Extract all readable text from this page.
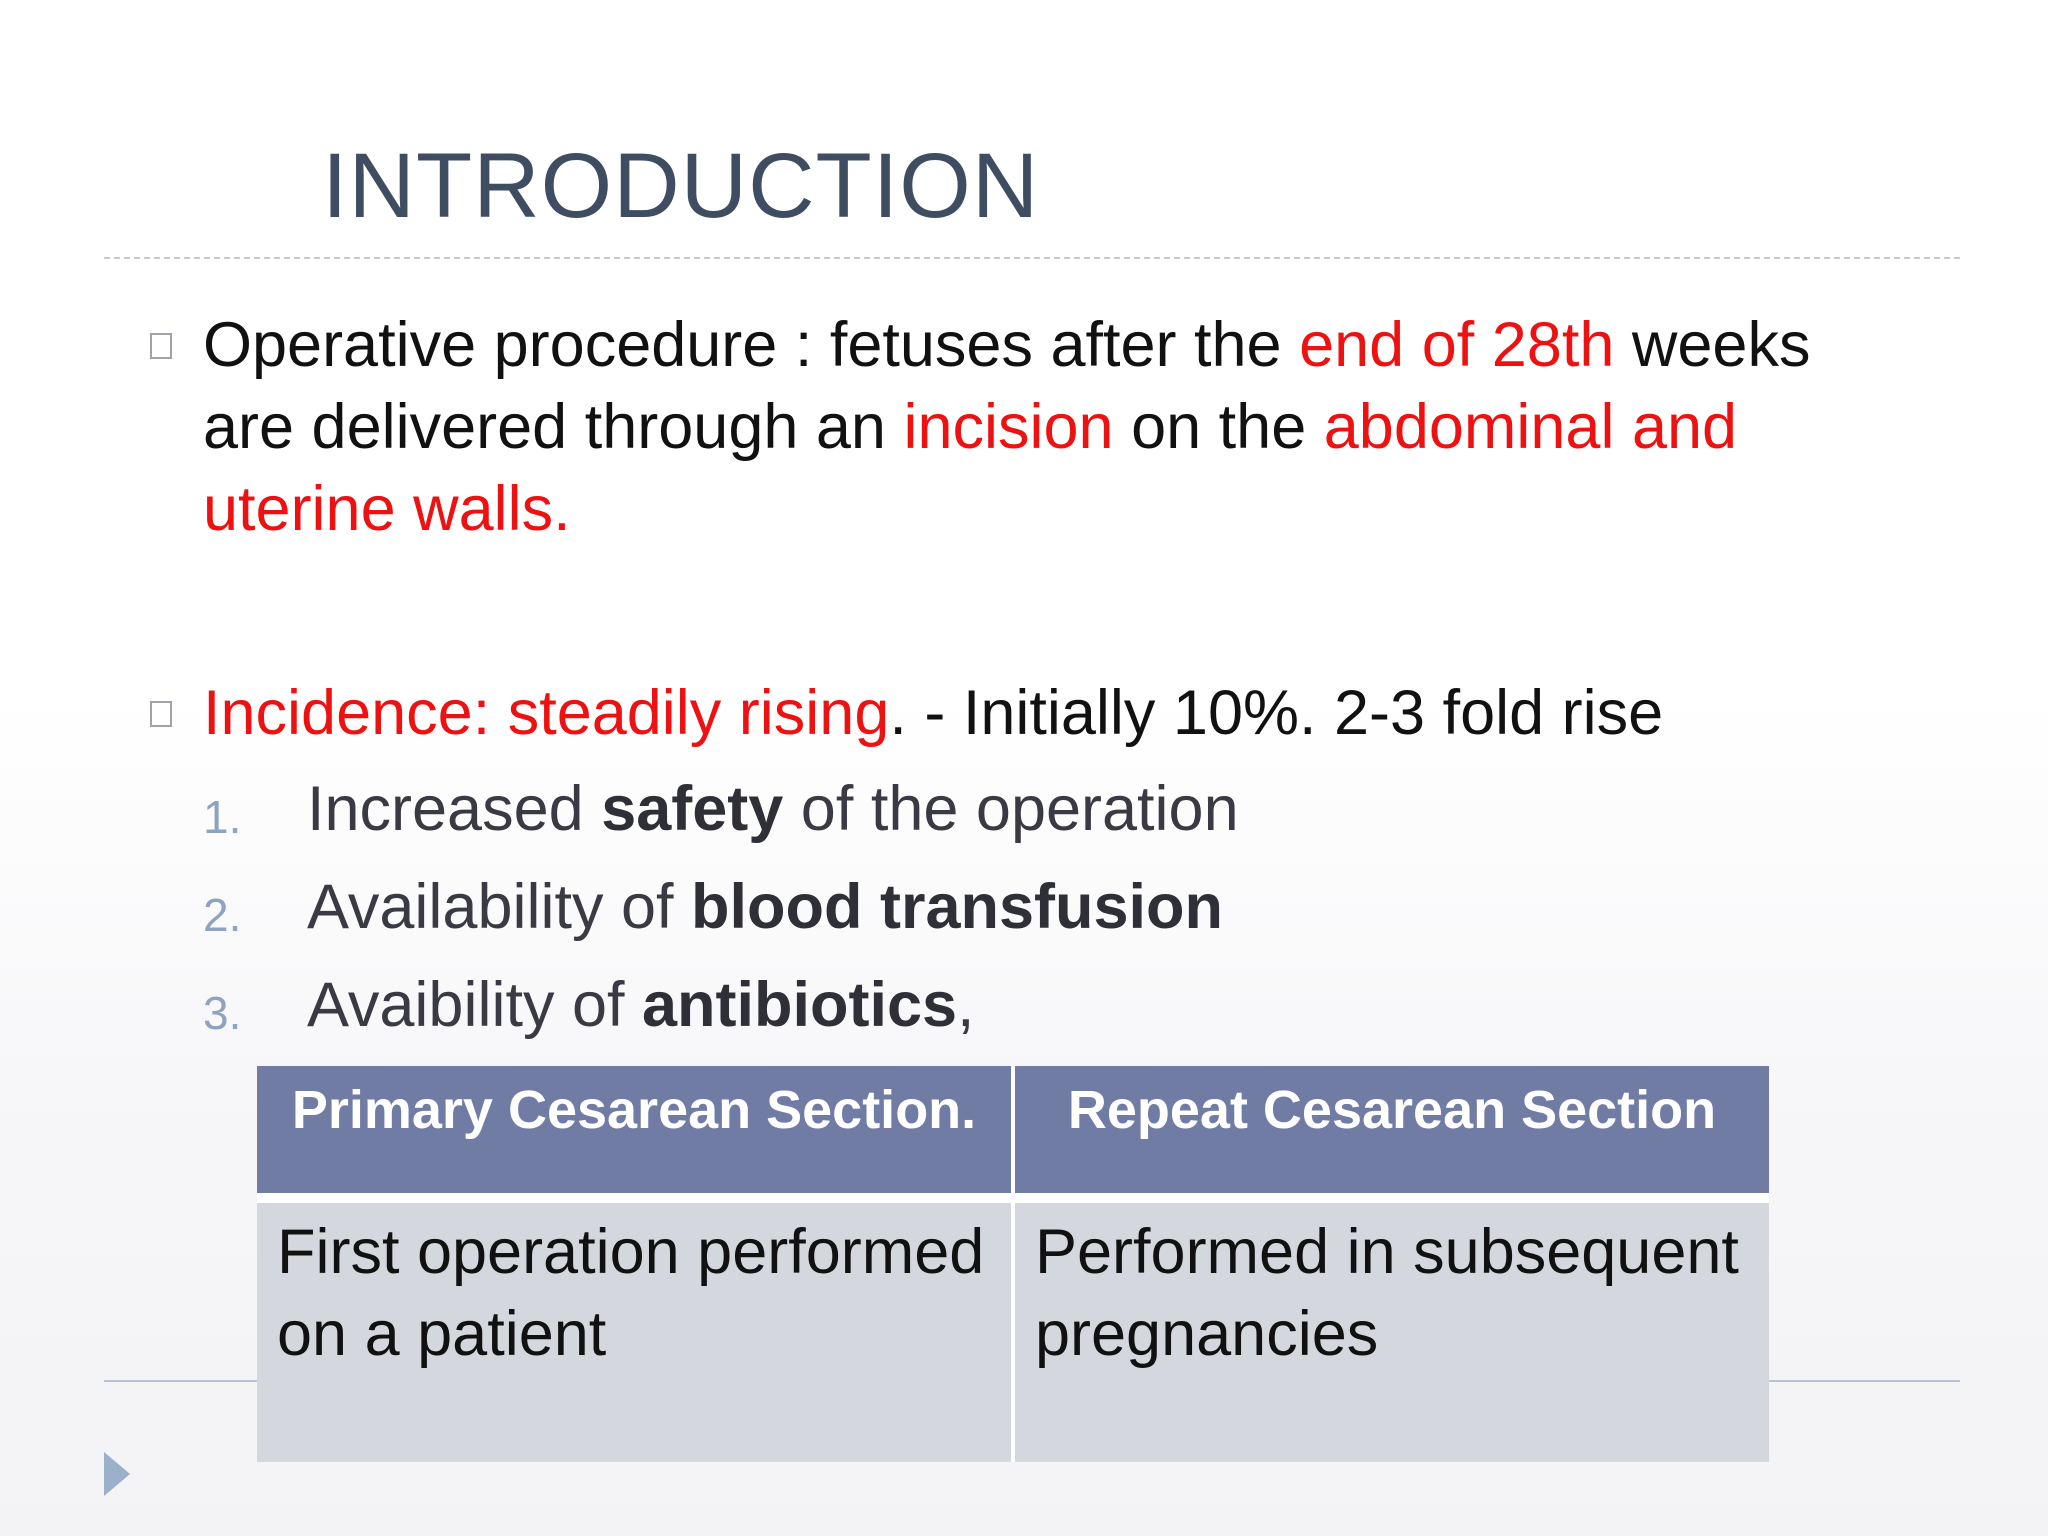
INTRODUCTION
Operative procedure : fetuses after the end of 28th weeks are delivered through an incision on the abdominal and uterine walls.
Incidence: steadily rising. - Initially 10%. 2-3 fold rise
1.	Increased safety of the operation
2.	Availability of blood transfusion
3.	Avaibility of antibiotics,
Primary Cesarean Section.	Repeat Cesarean Section
First operation performed on a patient	Performed in subsequent pregnancies
